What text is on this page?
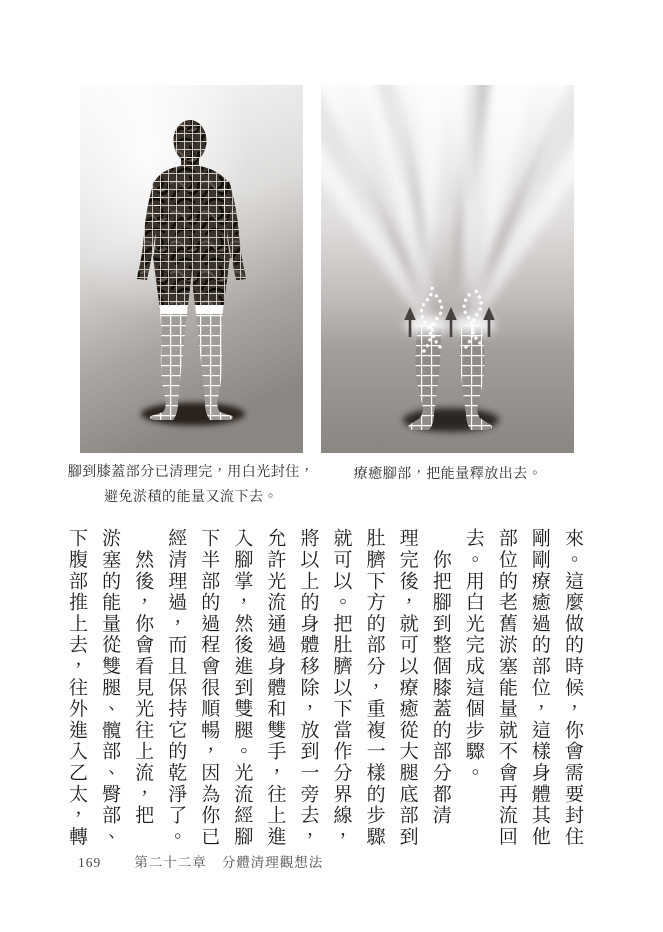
腳到膝蓋部分已清理完，用白光封住，
避免淤積的能量又流下去。
療癒腳部，把能量釋放出去。
來。這麼做的時候，你會需要封住
剛剛療癒過的部位，這樣身體其他
部位的老舊淤塞能量就不會再流回
去。用白光完成這個步驟。
　你把腳到整個膝蓋的部分都清
理完後，就可以療癒從大腿底部到
肚臍下方的部分，重複一樣的步驟
就可以。把肚臍以下當作分界線，
將以上的身體移除，放到一旁去，
允許光流通過身體和雙手，往上進
入腳掌，然後進到雙腿。光流經腳
下半部的過程會很順暢，因為你已
經清理過，而且保持它的乾淨了。
　然後，你會看見光往上流，把
淤塞的能量從雙腿、髖部、臀部、
下腹部推上去，往外進入乙太，轉
169 第二十二章 分體清理觀想法
